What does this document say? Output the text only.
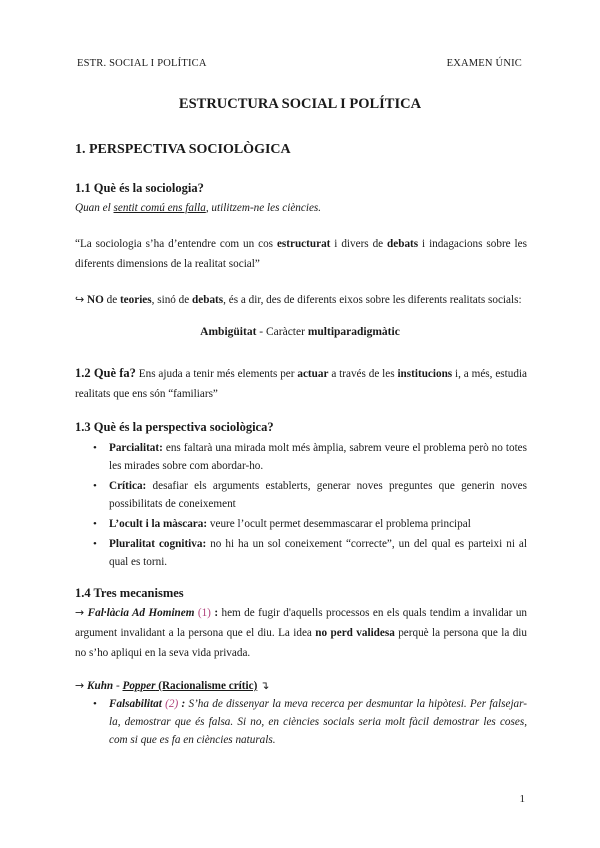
ESTR. SOCIAL I POLÍTICA	EXAMEN ÚNIC
ESTRUCTURA SOCIAL I POLÍTICA
1. PERSPECTIVA SOCIOLÒGICA
1.1 Què és la sociologia?
Quan el sentit comú ens falla, utilitzem-ne les ciències.
“La sociologia s’ha d’entendre com un cos estructurat i divers de debats i indagacions sobre les diferents dimensions de la realitat social”
↪ NO de teories, sinó de debats, és a dir, des de diferents eixos sobre les diferents realitats socials:
Ambigüitat - Caràcter multiparadigmàtic
1.2 Què fa? Ens ajuda a tenir més elements per actuar a través de les institucions i, a més, estudia realitats que ens són “familiars”
1.3 Què és la perspectiva sociològica?
• Parcialitat: ens faltarà una mirada molt més àmplia, sabrem veure el problema però no totes les mirades sobre com abordar-ho.
• Crítica: desafiar els arguments establerts, generar noves preguntes que generin noves possibilitats de coneixement
• L’ocult i la màscara: veure l’ocult permet desemmascarar el problema principal
• Pluralitat cognitiva: no hi ha un sol coneixement “correcte”, un del qual es parteixi ni al qual es torni.
1.4 Tres mecanismes
→ Fal·làcia Ad Hominem (1) : hem de fugir d'aquells processos en els quals tendim a invalidar un argument invalidant a la persona que el diu. La idea no perd validesa perquè la persona que la diu no s’ho apliqui en la seva vida privada.
→ Kuhn - Popper (Racionalisme crític) ↴
• Falsabilitat (2) : S’ha de dissenyar la meva recerca per desmuntar la hipòtesi. Per falsejar-la, demostrar que és falsa. Si no, en ciències socials seria molt fàcil demostrar les coses, com si que es fa en ciències naturals.
1
